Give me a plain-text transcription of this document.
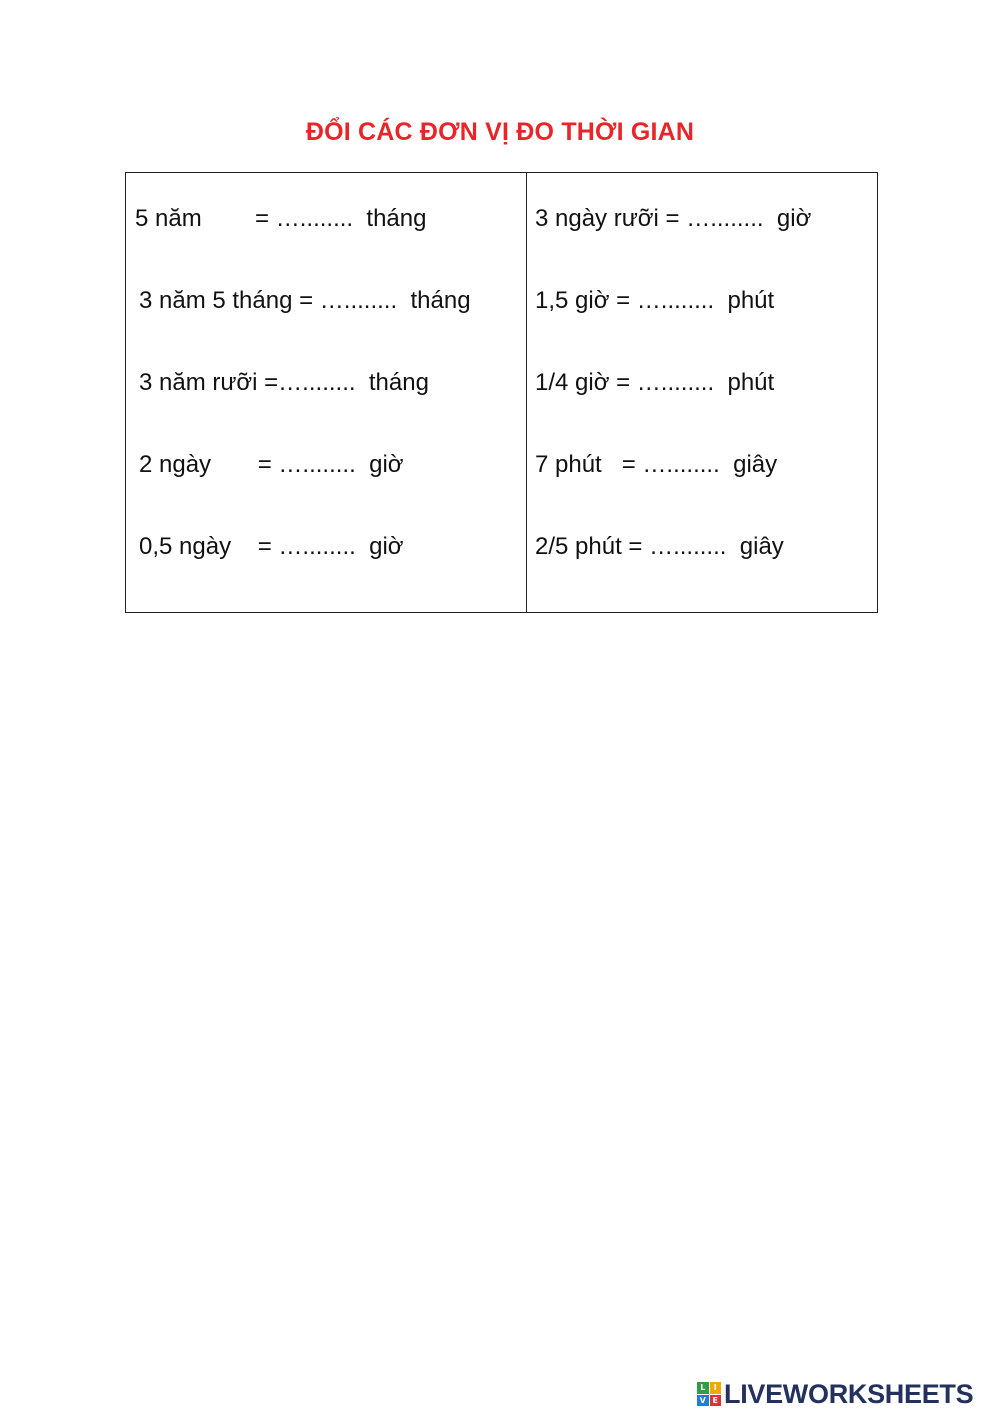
ĐỔI CÁC ĐƠN VỊ ĐO THỜI GIAN
5 năm        = …........  tháng
3 năm 5 tháng = …........  tháng
3 năm rưỡi =…........  tháng
2 ngày       = …........  giờ
0,5 ngày    = …........  giờ
3 ngày rưỡi = …........  giờ
1,5 giờ = …........  phút
1/4 giờ = …........  phút
7 phút   = …........  giây
2/5 phút = …........  giây
L	I
V E LIVEWORKSHEETS
